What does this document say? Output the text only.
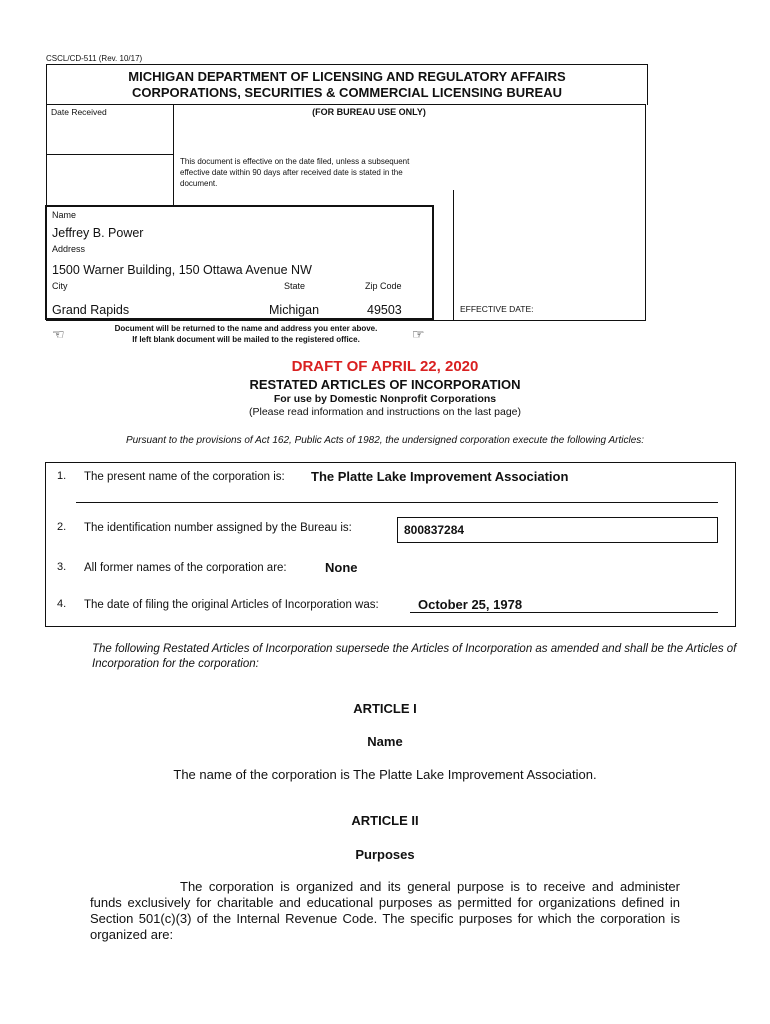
CSCL/CD-511 (Rev. 10/17)
MICHIGAN DEPARTMENT OF LICENSING AND REGULATORY AFFAIRS
CORPORATIONS, SECURITIES & COMMERCIAL LICENSING BUREAU
Date Received	(FOR BUREAU USE ONLY)
This document is effective on the date filed, unless a subsequent effective date within 90 days after received date is stated in the document.
EFFECTIVE DATE:
Name
Jeffrey B. Power
Address
1500 Warner Building, 150 Ottawa Avenue NW
City	State	Zip Code
Grand Rapids	Michigan	49503
☜	Document will be returned to the name and address you enter above.
If left blank document will be mailed to the registered office.	☞
DRAFT OF APRIL 22, 2020
RESTATED ARTICLES OF INCORPORATION
For use by Domestic Nonprofit Corporations
(Please read information and instructions on the last page)
Pursuant to the provisions of Act 162, Public Acts of 1982, the undersigned corporation execute the following Articles:
1. The present name of the corporation is: The Platte Lake Improvement Association
2. The identification number assigned by the Bureau is:	800837284
3. All former names of the corporation are:	None
4. The date of filing the original Articles of Incorporation was:	October 25, 1978
The following Restated Articles of Incorporation supersede the Articles of Incorporation as amended and shall be the Articles of Incorporation for the corporation:
ARTICLE I
Name
The name of the corporation is The Platte Lake Improvement Association.
ARTICLE II
Purposes
The corporation is organized and its general purpose is to receive and administer funds exclusively for charitable and educational purposes as permitted for organizations defined in Section 501(c)(3) of the Internal Revenue Code. The specific purposes for which the corporation is organized are:
